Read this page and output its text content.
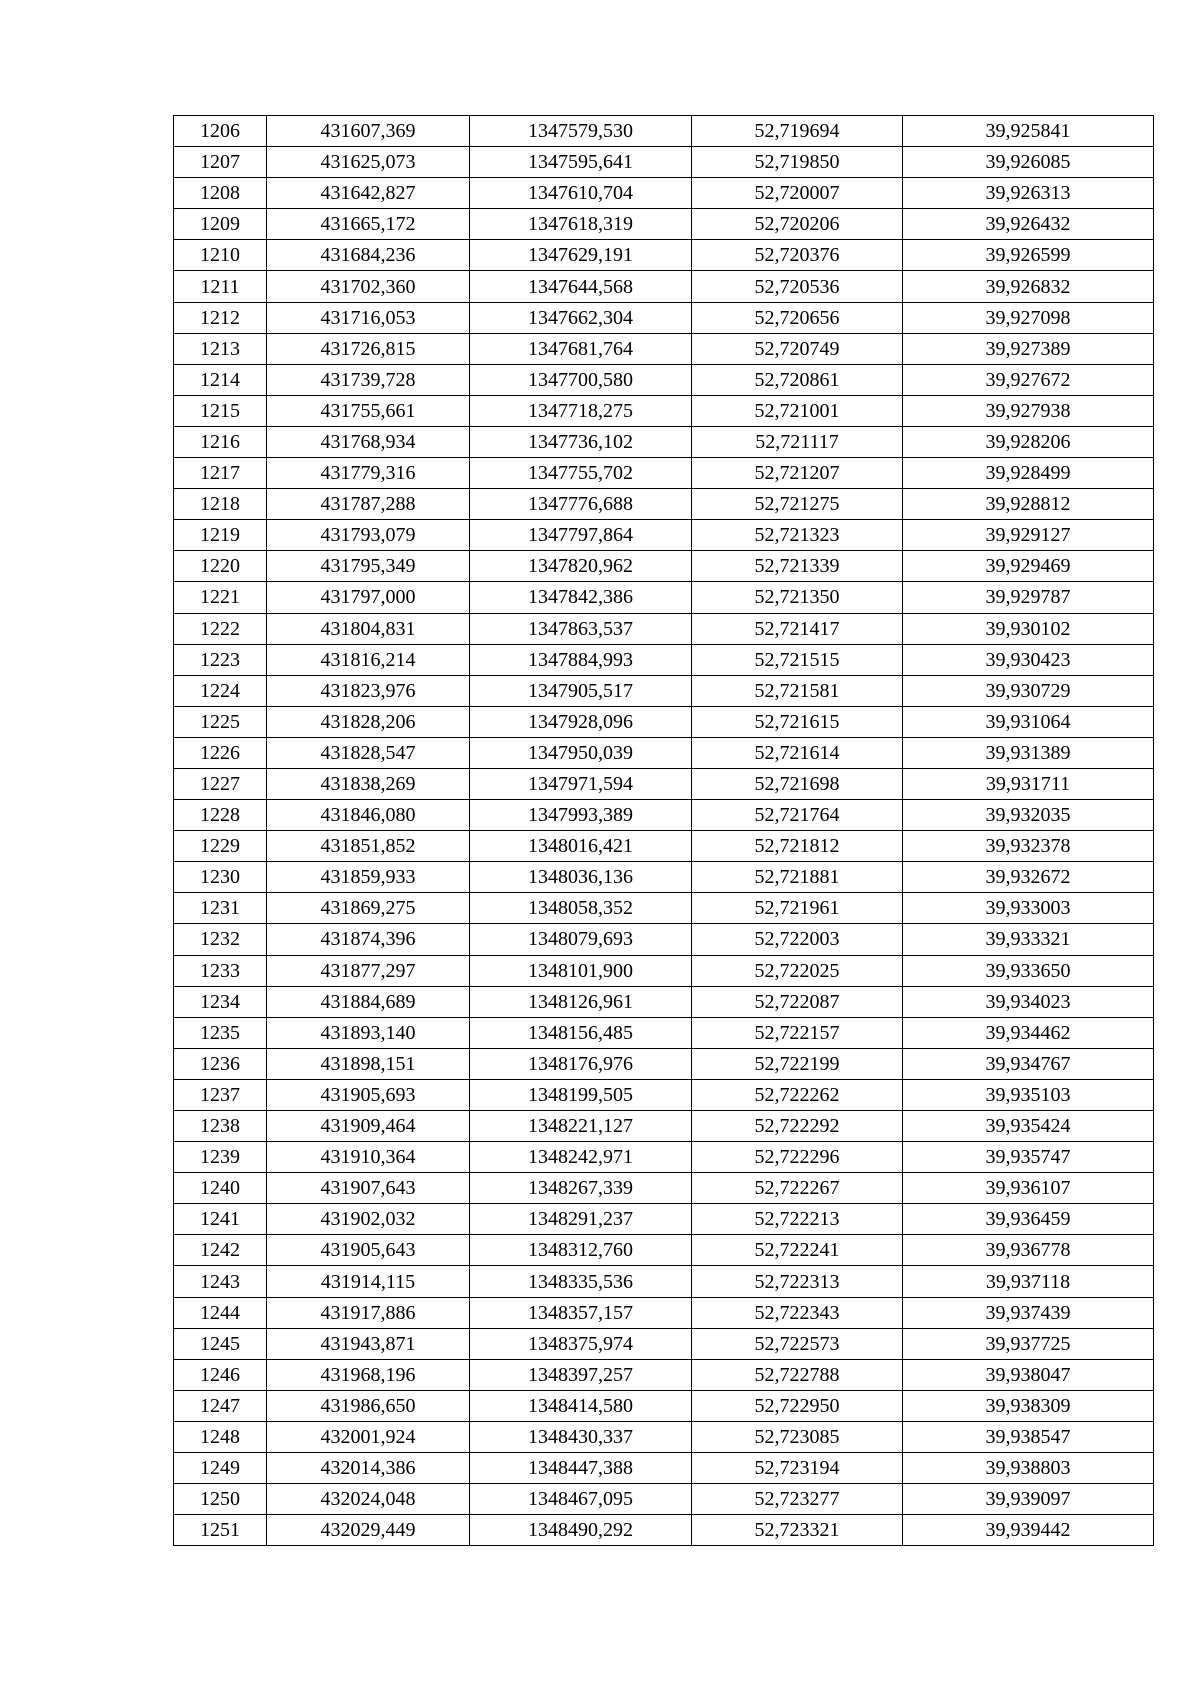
1206	431607,369	1347579,530	52,719694	39,925841
1207	431625,073	1347595,641	52,719850	39,926085
1208	431642,827	1347610,704	52,720007	39,926313
1209	431665,172	1347618,319	52,720206	39,926432
1210	431684,236	1347629,191	52,720376	39,926599
1211	431702,360	1347644,568	52,720536	39,926832
1212	431716,053	1347662,304	52,720656	39,927098
1213	431726,815	1347681,764	52,720749	39,927389
1214	431739,728	1347700,580	52,720861	39,927672
1215	431755,661	1347718,275	52,721001	39,927938
1216	431768,934	1347736,102	52,721117	39,928206
1217	431779,316	1347755,702	52,721207	39,928499
1218	431787,288	1347776,688	52,721275	39,928812
1219	431793,079	1347797,864	52,721323	39,929127
1220	431795,349	1347820,962	52,721339	39,929469
1221	431797,000	1347842,386	52,721350	39,929787
1222	431804,831	1347863,537	52,721417	39,930102
1223	431816,214	1347884,993	52,721515	39,930423
1224	431823,976	1347905,517	52,721581	39,930729
1225	431828,206	1347928,096	52,721615	39,931064
1226	431828,547	1347950,039	52,721614	39,931389
1227	431838,269	1347971,594	52,721698	39,931711
1228	431846,080	1347993,389	52,721764	39,932035
1229	431851,852	1348016,421	52,721812	39,932378
1230	431859,933	1348036,136	52,721881	39,932672
1231	431869,275	1348058,352	52,721961	39,933003
1232	431874,396	1348079,693	52,722003	39,933321
1233	431877,297	1348101,900	52,722025	39,933650
1234	431884,689	1348126,961	52,722087	39,934023
1235	431893,140	1348156,485	52,722157	39,934462
1236	431898,151	1348176,976	52,722199	39,934767
1237	431905,693	1348199,505	52,722262	39,935103
1238	431909,464	1348221,127	52,722292	39,935424
1239	431910,364	1348242,971	52,722296	39,935747
1240	431907,643	1348267,339	52,722267	39,936107
1241	431902,032	1348291,237	52,722213	39,936459
1242	431905,643	1348312,760	52,722241	39,936778
1243	431914,115	1348335,536	52,722313	39,937118
1244	431917,886	1348357,157	52,722343	39,937439
1245	431943,871	1348375,974	52,722573	39,937725
1246	431968,196	1348397,257	52,722788	39,938047
1247	431986,650	1348414,580	52,722950	39,938309
1248	432001,924	1348430,337	52,723085	39,938547
1249	432014,386	1348447,388	52,723194	39,938803
1250	432024,048	1348467,095	52,723277	39,939097
1251	432029,449	1348490,292	52,723321	39,939442
